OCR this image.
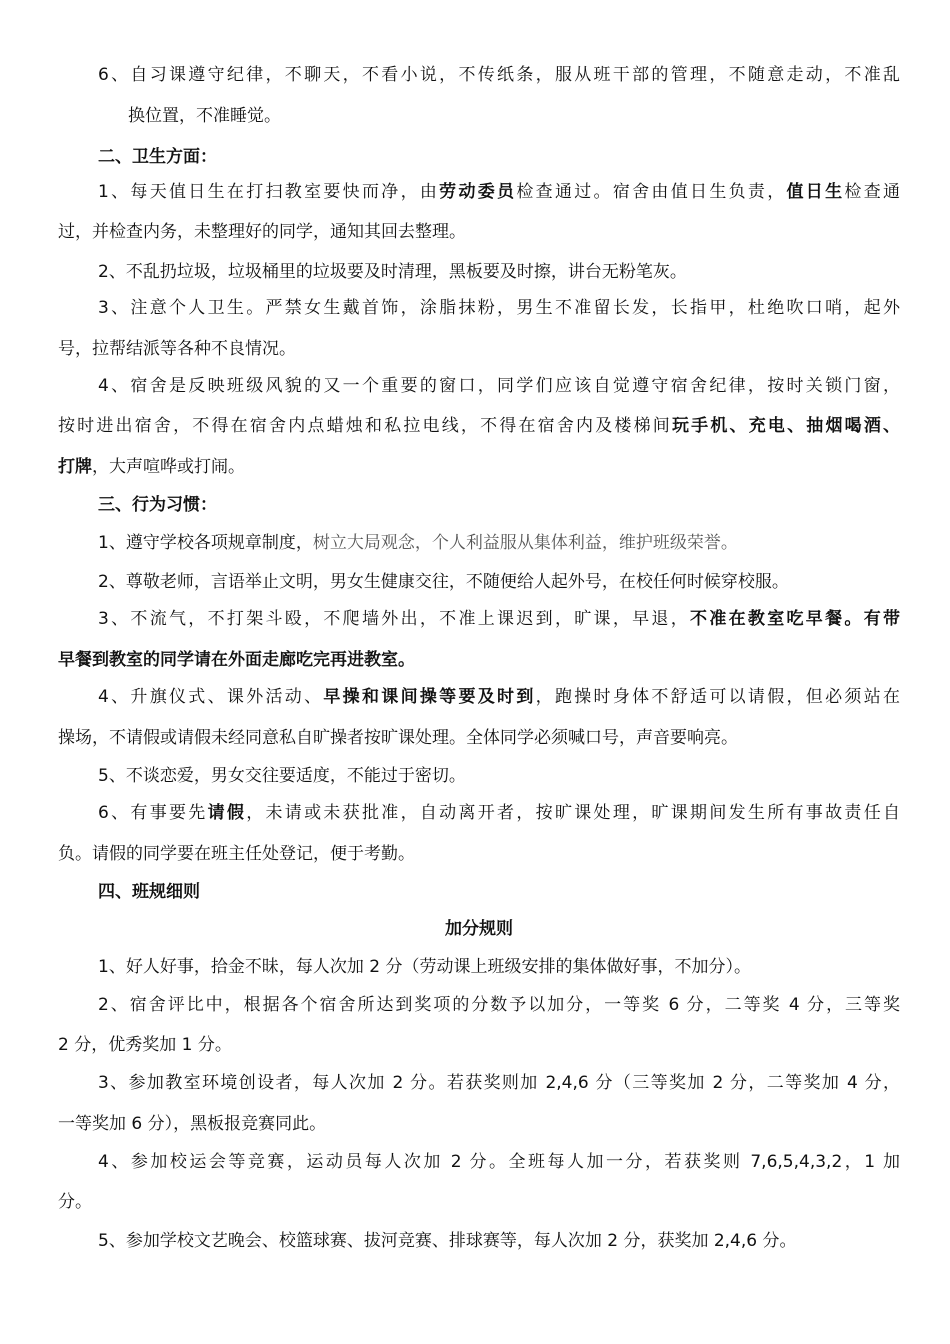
6、自习课遵守纪律，不聊天，不看小说，不传纸条，服从班干部的管理，不随意走动，不准乱
换位置，不准睡觉。
二、卫生方面：
1、每天值日生在打扫教室要快而净，由劳动委员检查通过。宿舍由值日生负责，值日生检查通
过，并检查内务，未整理好的同学，通知其回去整理。
2、不乱扔垃圾，垃圾桶里的垃圾要及时清理，黑板要及时擦，讲台无粉笔灰。
3、注意个人卫生。严禁女生戴首饰，涂脂抹粉，男生不准留长发，长指甲，杜绝吹口哨，起外
号，拉帮结派等各种不良情况。
4、宿舍是反映班级风貌的又一个重要的窗口，同学们应该自觉遵守宿舍纪律，按时关锁门窗，
按时进出宿舍，不得在宿舍内点蜡烛和私拉电线，不得在宿舍内及楼梯间玩手机、充电、抽烟喝酒、
打牌，大声喧哗或打闹。
三、行为习惯：
1、遵守学校各项规章制度，树立大局观念，个人利益服从集体利益，维护班级荣誉。
2、尊敬老师，言语举止文明，男女生健康交往，不随便给人起外号，在校任何时候穿校服。
3、不流气，不打架斗殴，不爬墙外出，不准上课迟到，旷课，早退，不准在教室吃早餐。有带
早餐到教室的同学请在外面走廊吃完再进教室。
4、升旗仪式、课外活动、早操和课间操等要及时到，跑操时身体不舒适可以请假，但必须站在
操场，不请假或请假未经同意私自旷操者按旷课处理。全体同学必须喊口号，声音要响亮。
5、不谈恋爱，男女交往要适度，不能过于密切。
6、有事要先请假，未请或未获批准，自动离开者，按旷课处理，旷课期间发生所有事故责任自
负。请假的同学要在班主任处登记，便于考勤。
四、班规细则
加分规则
1、好人好事，拾金不昧，每人次加 2 分（劳动课上班级安排的集体做好事，不加分）。
2、宿舍评比中，根据各个宿舍所达到奖项的分数予以加分，一等奖 6 分，二等奖 4 分，三等奖
2 分，优秀奖加 1 分。
3、参加教室环境创设者，每人次加 2 分。若获奖则加 2,4,6 分（三等奖加 2 分，二等奖加 4 分，
一等奖加 6 分），黑板报竞赛同此。
4、参加校运会等竞赛，运动员每人次加 2 分。全班每人加一分，若获奖则 7,6,5,4,3,2，1 加
分。
5、参加学校文艺晚会、校篮球赛、拔河竞赛、排球赛等，每人次加 2 分，获奖加 2,4,6 分。
